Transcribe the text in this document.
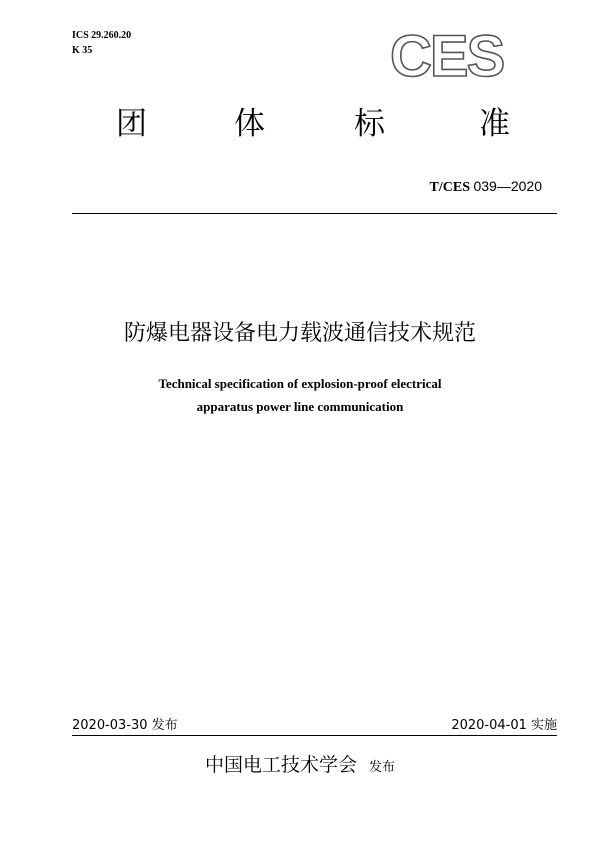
ICS 29.260.20
K 35	CES
团	体	标	准
T/CES 039—2020
防爆电器设备电力载波通信技术规范
Technical specification of explosion-proof electrical
apparatus power line communication
2020-03-30 发布	2020-04-01 实施
中国电工技术学会 发布
